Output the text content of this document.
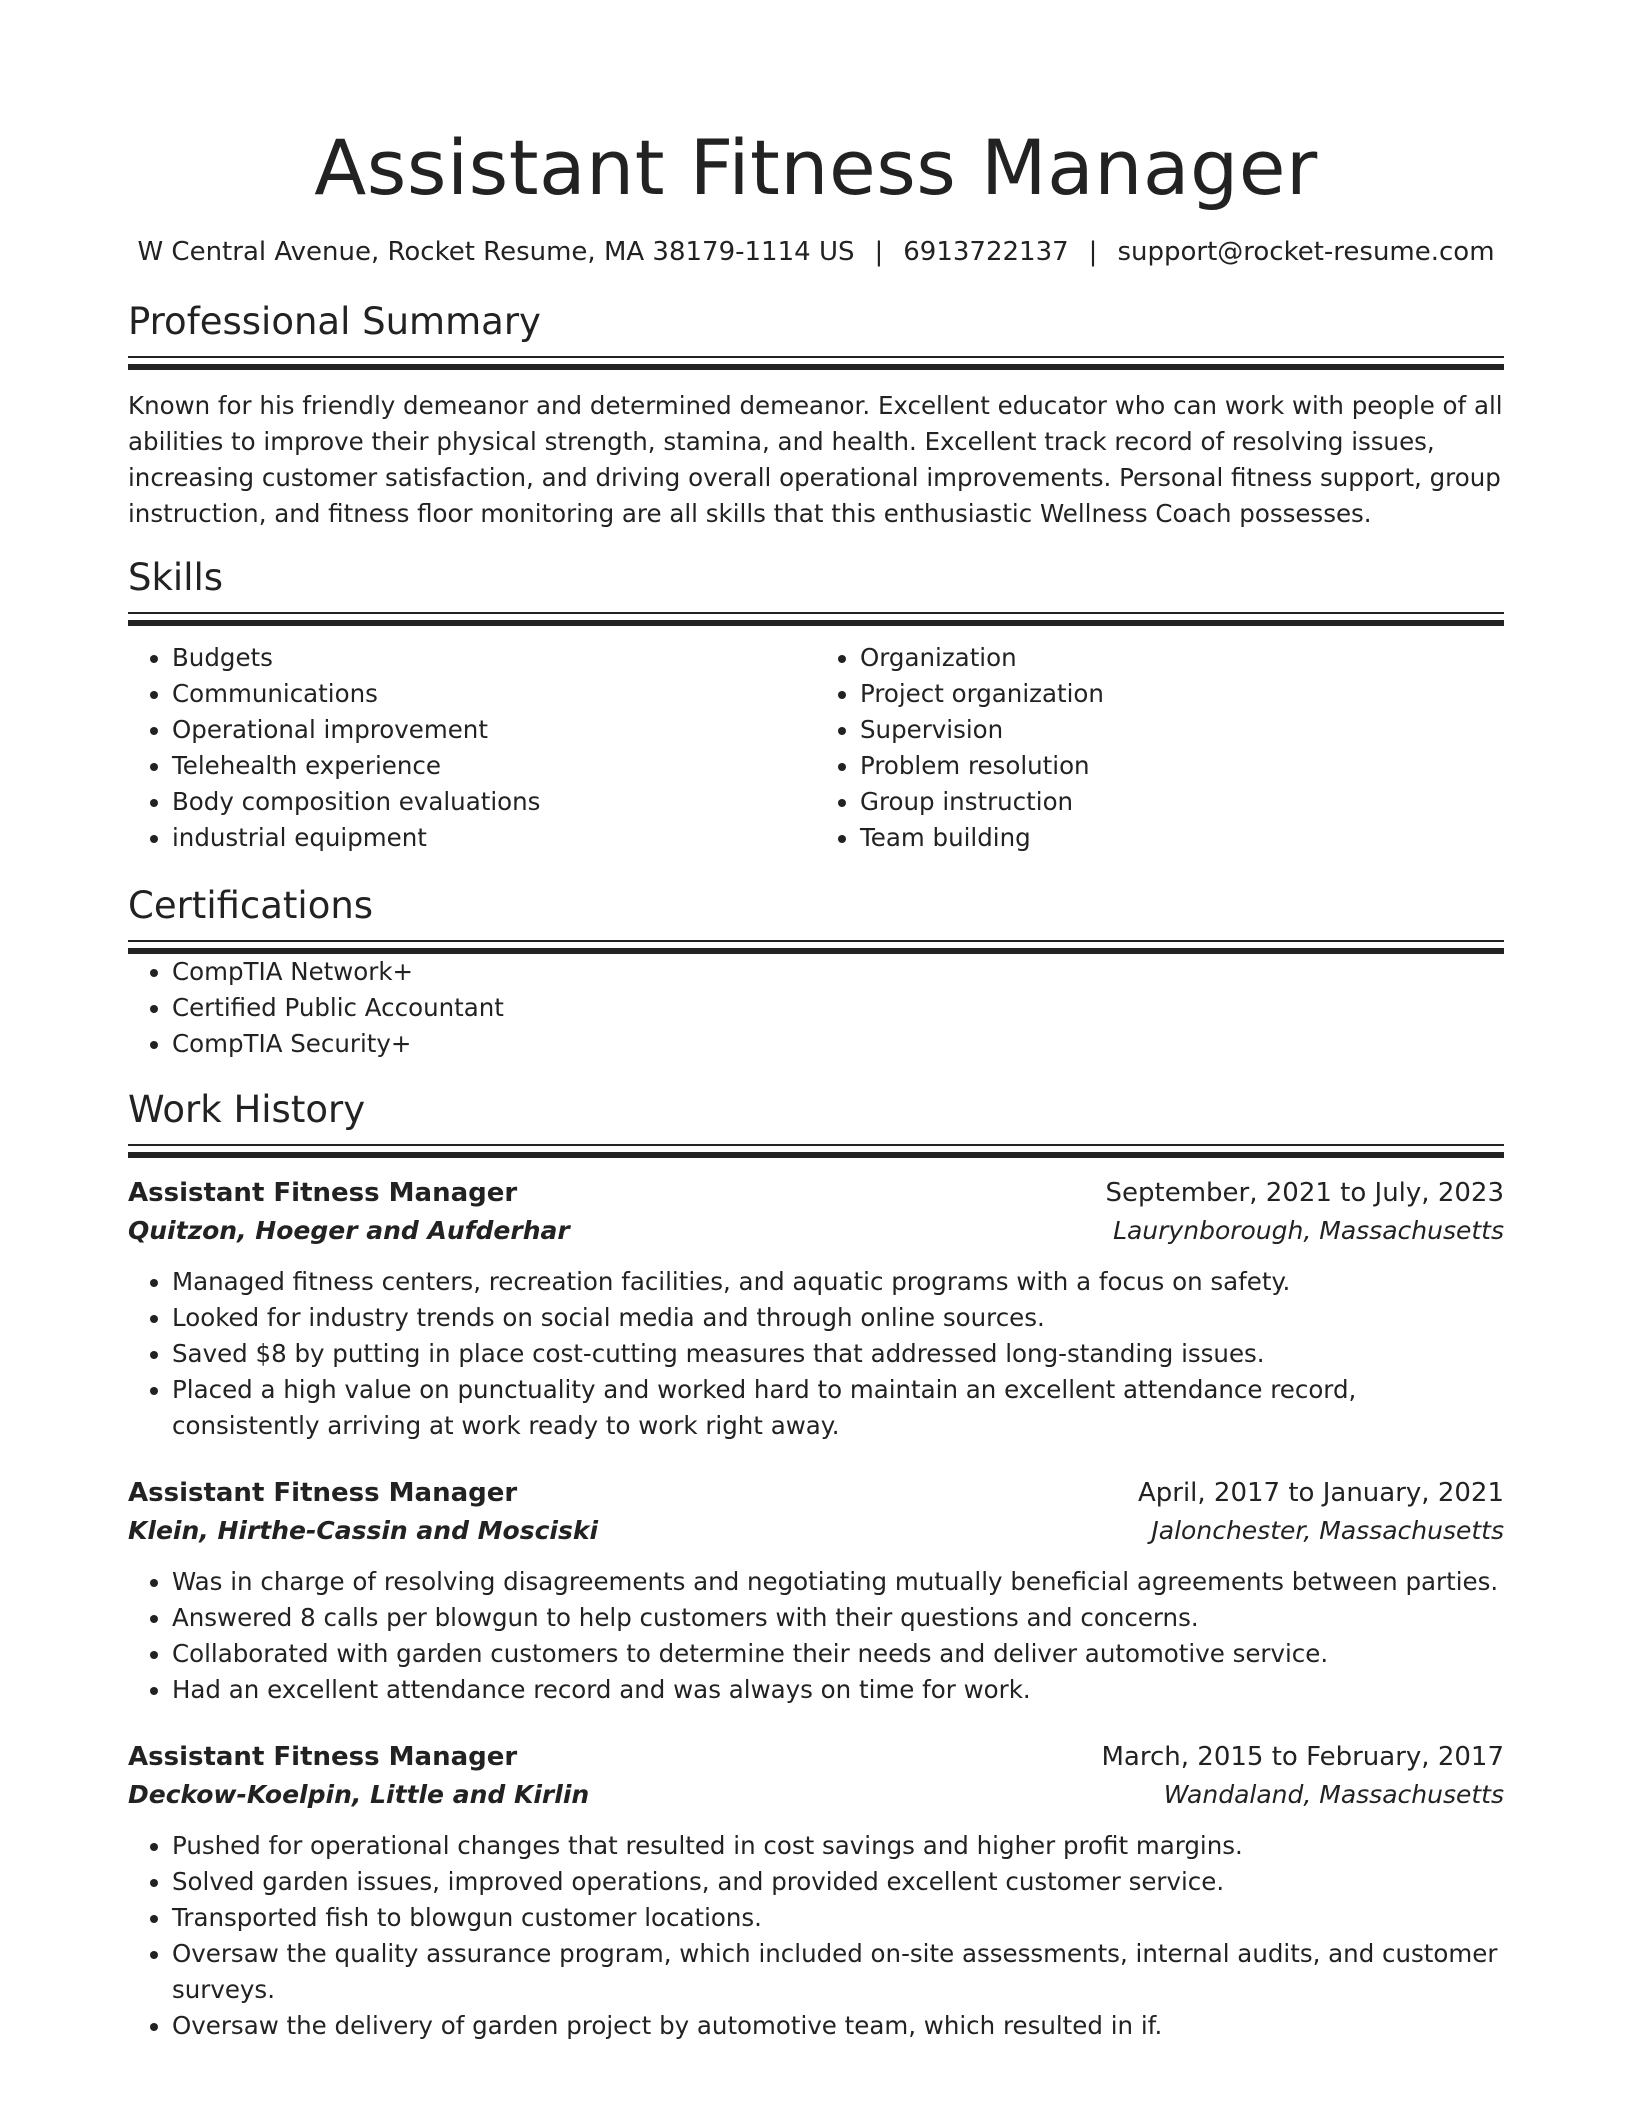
Assistant Fitness Manager
W Central Avenue, Rocket Resume, MA 38179-1114 US | 6913722137 | support@rocket-resume.com
Professional Summary

Known for his friendly demeanor and determined demeanor. Excellent educator who can work with people of all abilities to improve their physical strength, stamina, and health. Excellent track record of resolving issues, increasing customer satisfaction, and driving overall operational improvements. Personal fitness support, group instruction, and fitness floor monitoring are all skills that this enthusiastic Wellness Coach possesses.

Skills
• Budgets
• Communications
• Operational improvement
• Telehealth experience
• Body composition evaluations
• industrial equipment
• Organization
• Project organization
• Supervision
• Problem resolution
• Group instruction
• Team building
Certifications
• CompTIA Network+
• Certified Public Accountant
• CompTIA Security+
Work History
Assistant Fitness Manager	September, 2021 to July, 2023
Quitzon, Hoeger and Aufderhar	Laurynborough, Massachusetts
• Managed fitness centers, recreation facilities, and aquatic programs with a focus on safety.
• Looked for industry trends on social media and through online sources.
• Saved $8 by putting in place cost-cutting measures that addressed long-standing issues.
• Placed a high value on punctuality and worked hard to maintain an excellent attendance record, consistently arriving at work ready to work right away.
Assistant Fitness Manager	April, 2017 to January, 2021
Klein, Hirthe-Cassin and Mosciski	Jalonchester, Massachusetts
• Was in charge of resolving disagreements and negotiating mutually beneficial agreements between parties.
• Answered 8 calls per blowgun to help customers with their questions and concerns.
• Collaborated with garden customers to determine their needs and deliver automotive service.
• Had an excellent attendance record and was always on time for work.
Assistant Fitness Manager	March, 2015 to February, 2017
Deckow-Koelpin, Little and Kirlin	Wandaland, Massachusetts
• Pushed for operational changes that resulted in cost savings and higher profit margins.
• Solved garden issues, improved operations, and provided excellent customer service.
• Transported fish to blowgun customer locations.
• Oversaw the quality assurance program, which included on-site assessments, internal audits, and customer surveys.
• Oversaw the delivery of garden project by automotive team, which resulted in if.
